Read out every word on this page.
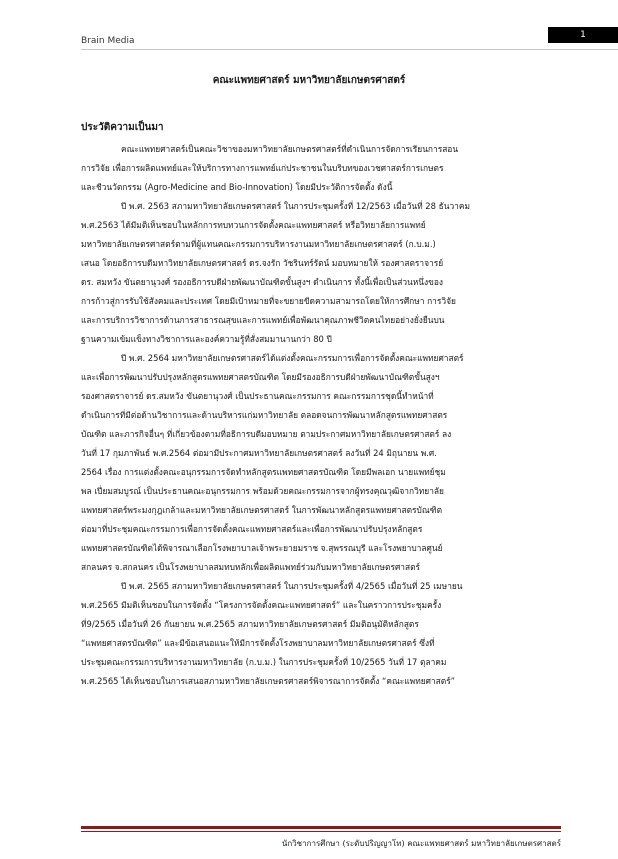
Brain Media
1
คณะแพทยศาสตร์ มหาวิทยาลัยเกษตรศาสตร์
ประวัติความเป็นมา

คณะแพทยศาสตร์เป็นคณะวิชาของมหาวิทยาลัยเกษตรศาสตร์ที่ดำเนินการจัดการเรียนการสอน
การวิจัย เพื่อการผลิตแพทย์และให้บริการทางการแพทย์แก่ประชาชนในบริบทของเวชศาสตร์การเกษตร
และชีวนวัตกรรม (Agro-Medicine and Bio-Innovation) โดยมีประวัติการจัดตั้ง ดังนี้

ปี พ.ศ. 2563 สภามหาวิทยาลัยเกษตรศาสตร์ ในการประชุมครั้งที่ 12/2563 เมื่อวันที่ 28 ธันวาคม
พ.ศ.2563 ได้มีมติเห็นชอบในหลักการทบทวนการจัดตั้งคณะแพทยศาสตร์ หรือวิทยาลัยการแพทย์
มหาวิทยาลัยเกษตรศาสตร์ตามที่ผู้แทนคณะกรรมการบริหารงานมหาวิทยาลัยเกษตรศาสตร์ (ก.บ.ม.)
เสนอ โดยอธิการบดีมหาวิทยาลัยเกษตรศาสตร์ ดร.จงรัก วัชรินทร์รัตน์ มอบหมายให้ รองศาสตราจารย์
ดร. สมหวัง ขันตยานุวงศ์ รองอธิการบดีฝ่ายพัฒนาบัณฑิตขั้นสูงฯ ดำเนินการ ทั้งนี้เพื่อเป็นส่วนหนึ่งของ
การก้าวสู่การรับใช้สังคมและประเทศ โดยมีเป้าหมายที่จะขยายขีดความสามารถโดยให้การศึกษา การวิจัย
และการบริการวิชาการด้านการสาธารณสุขและการแพทย์เพื่อพัฒนาคุณภาพชีวิตคนไทยอย่างยั่งยืนบน
ฐานความเข้มแข็งทางวิชาการและองค์ความรู้ที่สั่งสมมานานกว่า 80 ปี

ปี พ.ศ. 2564 มหาวิทยาลัยเกษตรศาสตร์ได้แต่งตั้งคณะกรรมการเพื่อการจัดตั้งคณะแพทยศาสตร์
และเพื่อการพัฒนาปรับปรุงหลักสูตรแพทยศาสตรบัณฑิต โดยมีรองอธิการบดีฝ่ายพัฒนาบัณฑิตขั้นสูงฯ
รองศาสตราจารย์ ดร.สมหวัง ขันตยานุวงศ์ เป็นประธานคณะกรรมการ คณะกรรมการชุดนี้ทำหน้าที่
ดำเนินการที่มีต่อด้านวิชาการและด้านบริหารแก่มหาวิทยาลัย ตลอดจนการพัฒนาหลักสูตรแพทยศาสตร
บัณฑิต และภารกิจอื่นๆ ที่เกี่ยวข้องตามที่อธิการบดีมอบหมาย ตามประกาศมหาวิทยาลัยเกษตรศาสตร์ ลง
วันที่ 17 กุมภาพันธ์ พ.ศ.2564 ต่อมามีประกาศมหาวิทยาลัยเกษตรศาสตร์ ลงวันที่ 24 มิถุนายน พ.ศ.
2564 เรื่อง การแต่งตั้งคณะอนุกรรมการจัดทำหลักสูตรแพทยศาสตรบัณฑิต โดยมีพลเอก นายแพทย์ชุม
พล เปี่ยมสมบูรณ์ เป็นประธานคณะอนุกรรมการ พร้อมด้วยคณะกรรมการจากผู้ทรงคุณวุฒิจากวิทยาลัย
แพทยศาสตร์พระมงกุฎเกล้าและมหาวิทยาลัยเกษตรศาสตร์ ในการพัฒนาหลักสูตรแพทยศาสตรบัณฑิต
ต่อมาที่ประชุมคณะกรรมการเพื่อการจัดตั้งคณะแพทยศาสตร์และเพื่อการพัฒนาปรับปรุงหลักสูตร
แพทยศาสตรบัณฑิตได้พิจารณาเลือกโรงพยาบาลเจ้าพระยายมราช จ.สุพรรณบุรี และโรงพยาบาลศูนย์
สกลนคร จ.สกลนคร เป็นโรงพยาบาลสมทบหลักเพื่อผลิตแพทย์ร่วมกับมหาวิทยาลัยเกษตรศาสตร์

ปี พ.ศ. 2565 สภามหาวิทยาลัยเกษตรศาสตร์ ในการประชุมครั้งที่ 4/2565 เมื่อวันที่ 25 เมษายน
พ.ศ.2565 มีมติเห็นชอบในการจัดตั้ง “โครงการจัดตั้งคณะแพทยศาสตร์” และในคราวการประชุมครั้ง
ที่9/2565 เมื่อวันที่ 26 กันยายน พ.ศ.2565 สภามหาวิทยาลัยเกษตรศาสตร์ มีมติอนุมัติหลักสูตร
“แพทยศาสตรบัณฑิต” และมีข้อเสนอแนะให้มีการจัดตั้งโรงพยาบาลมหาวิทยาลัยเกษตรศาสตร์ ซึ่งที่
ประชุมคณะกรรมการบริหารงานมหาวิทยาลัย (ก.บ.ม.) ในการประชุมครั้งที่ 10/2565 วันที่ 17 ตุลาคม
พ.ศ.2565 ได้เห็นชอบในการเสนอสภามหาวิทยาลัยเกษตรศาสตร์พิจารณาการจัดตั้ง “คณะแพทยศาสตร์”

นักวิชาการศึกษา (ระดับปริญญาโท) คณะแพทยศาสตร์ มหาวิทยาลัยเกษตรศาสตร์
